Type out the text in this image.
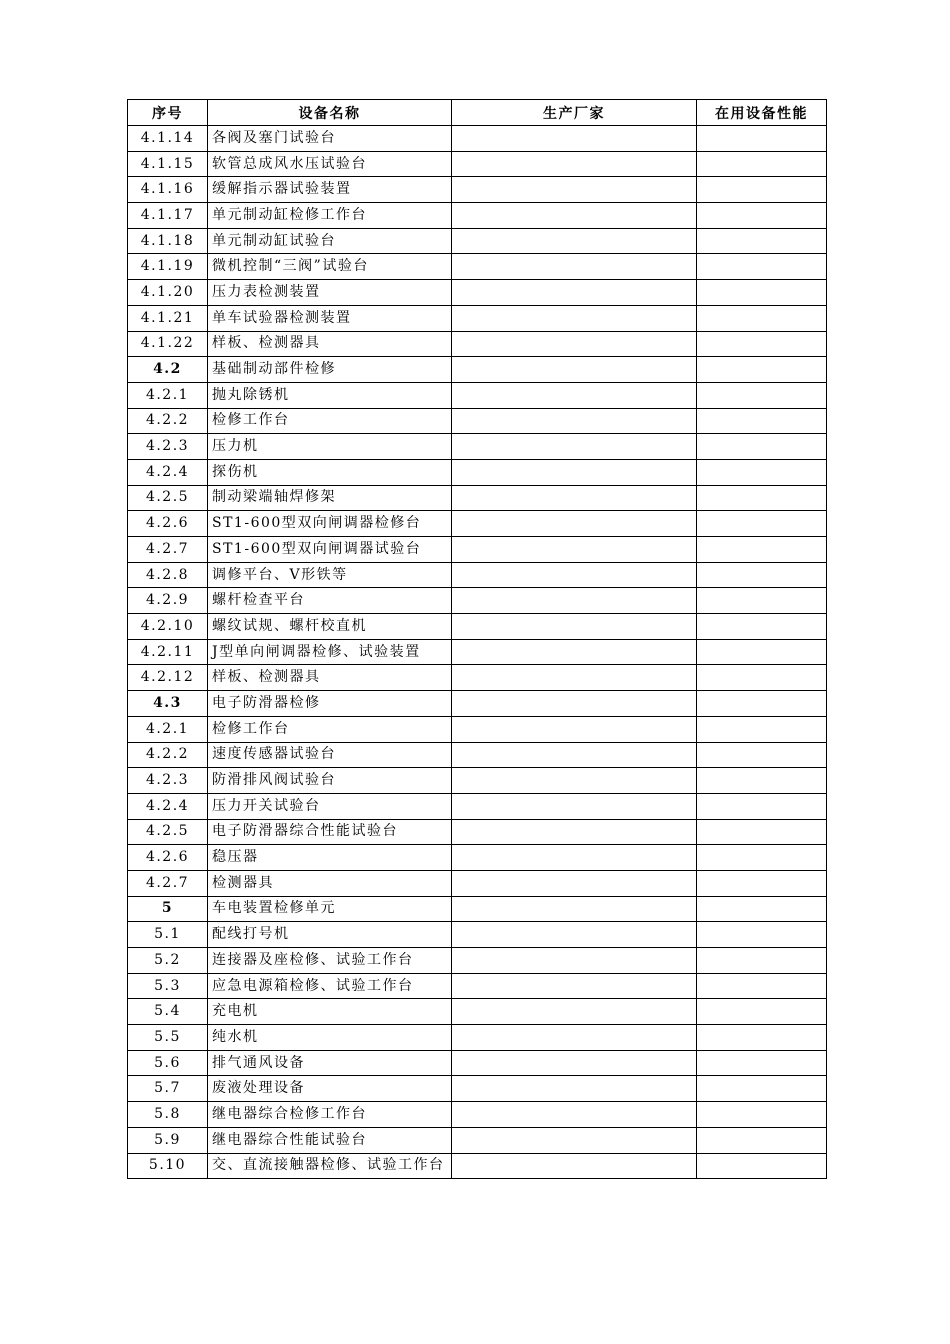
序号	设备名称	生产厂家	在用设备性能
4.1.14	各阀及塞门试验台		
4.1.15	软管总成风水压试验台		
4.1.16	缓解指示器试验装置		
4.1.17	单元制动缸检修工作台		
4.1.18	单元制动缸试验台		
4.1.19	微机控制“三阀”试验台		
4.1.20	压力表检测装置		
4.1.21	单车试验器检测装置		
4.1.22	样板、检测器具		
4.2	基础制动部件检修		
4.2.1	抛丸除锈机		
4.2.2	检修工作台		
4.2.3	压力机		
4.2.4	探伤机		
4.2.5	制动梁端轴焊修架		
4.2.6	ST1-600型双向闸调器检修台		
4.2.7	ST1-600型双向闸调器试验台		
4.2.8	调修平台、V形铁等		
4.2.9	螺杆检查平台		
4.2.10	螺纹试规、螺杆校直机		
4.2.11	J型单向闸调器检修、试验装置		
4.2.12	样板、检测器具		
4.3	电子防滑器检修		
4.2.1	检修工作台		
4.2.2	速度传感器试验台		
4.2.3	防滑排风阀试验台		
4.2.4	压力开关试验台		
4.2.5	电子防滑器综合性能试验台		
4.2.6	稳压器		
4.2.7	检测器具		
5	车电装置检修单元		
5.1	配线打号机		
5.2	连接器及座检修、试验工作台		
5.3	应急电源箱检修、试验工作台		
5.4	充电机		
5.5	纯水机		
5.6	排气通风设备		
5.7	废液处理设备		
5.8	继电器综合检修工作台		
5.9	继电器综合性能试验台		
5.10	交、直流接触器检修、试验工作台		
